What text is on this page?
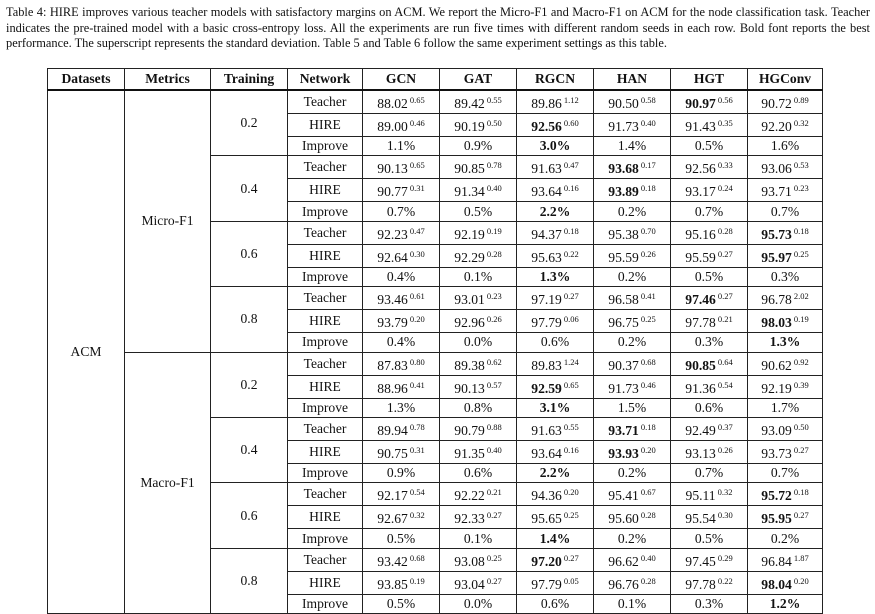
Table 4: HIRE improves various teacher models with satisfactory margins on ACM. We report the Micro-F1 and Macro-F1 on ACM for the node classification task. Teacher indicates the pre-trained model with a basic cross-entropy loss. All the experiments are run five times with different random seeds in each row. Bold font reports the best performance. The superscript represents the standard deviation. Table 5 and Table 6 follow the same experiment settings as this table.
Datasets	Metrics	Training	Network	GCN	GAT	RGCN	HAN	HGT	HGConv
ACM	Micro-F1	0.2	Teacher	88.02 $^{0.65}$	89.42 $^{0.55}$	89.86 $^{1.12}$	90.50 $^{0.58}$	90.97 $^{0.56}$	90.72 $^{0.89}$
			HIRE	89.00 $^{0.46}$	90.19 $^{0.50}$	92.56 $^{0.60}$	91.73 $^{0.40}$	91.43 $^{0.35}$	92.20 $^{0.32}$
			Improve	1.1%	0.9%	3.0%	1.4%	0.5%	1.6%
		0.4	Teacher	90.13 $^{0.65}$	90.85 $^{0.78}$	91.63 $^{0.47}$	93.68 $^{0.17}$	92.56 $^{0.33}$	93.06 $^{0.53}$
			HIRE	90.77 $^{0.31}$	91.34 $^{0.40}$	93.64 $^{0.16}$	93.89 $^{0.18}$	93.17 $^{0.24}$	93.71 $^{0.23}$
			Improve	0.7%	0.5%	2.2%	0.2%	0.7%	0.7%
		0.6	Teacher	92.23 $^{0.47}$	92.19 $^{0.19}$	94.37 $^{0.18}$	95.38 $^{0.70}$	95.16 $^{0.28}$	95.73 $^{0.18}$
			HIRE	92.64 $^{0.30}$	92.29 $^{0.28}$	95.63 $^{0.22}$	95.59 $^{0.26}$	95.59 $^{0.27}$	95.97 $^{0.25}$
			Improve	0.4%	0.1%	1.3%	0.2%	0.5%	0.3%
		0.8	Teacher	93.46 $^{0.61}$	93.01 $^{0.23}$	97.19 $^{0.27}$	96.58 $^{0.41}$	97.46 $^{0.27}$	96.78 $^{2.02}$
			HIRE	93.79 $^{0.20}$	92.96 $^{0.26}$	97.79 $^{0.06}$	96.75 $^{0.25}$	97.78 $^{0.21}$	98.03 $^{0.19}$
			Improve	0.4%	0.0%	0.6%	0.2%	0.3%	1.3%
	Macro-F1	0.2	Teacher	87.83 $^{0.80}$	89.38 $^{0.62}$	89.83 $^{1.24}$	90.37 $^{0.68}$	90.85 $^{0.64}$	90.62 $^{0.92}$
			HIRE	88.96 $^{0.41}$	90.13 $^{0.57}$	92.59 $^{0.65}$	91.73 $^{0.46}$	91.36 $^{0.54}$	92.19 $^{0.39}$
			Improve	1.3%	0.8%	3.1%	1.5%	0.6%	1.7%
		0.4	Teacher	89.94 $^{0.78}$	90.79 $^{0.88}$	91.63 $^{0.55}$	93.71 $^{0.18}$	92.49 $^{0.37}$	93.09 $^{0.50}$
			HIRE	90.75 $^{0.31}$	91.35 $^{0.40}$	93.64 $^{0.16}$	93.93 $^{0.20}$	93.13 $^{0.26}$	93.73 $^{0.27}$
			Improve	0.9%	0.6%	2.2%	0.2%	0.7%	0.7%
		0.6	Teacher	92.17 $^{0.54}$	92.22 $^{0.21}$	94.36 $^{0.20}$	95.41 $^{0.67}$	95.11 $^{0.32}$	95.72 $^{0.18}$
			HIRE	92.67 $^{0.32}$	92.33 $^{0.27}$	95.65 $^{0.25}$	95.60 $^{0.28}$	95.54 $^{0.30}$	95.95 $^{0.27}$
			Improve	0.5%	0.1%	1.4%	0.2%	0.5%	0.2%
		0.8	Teacher	93.42 $^{0.68}$	93.08 $^{0.25}$	97.20 $^{0.27}$	96.62 $^{0.40}$	97.45 $^{0.29}$	96.84 $^{1.87}$
			HIRE	93.85 $^{0.19}$	93.04 $^{0.27}$	97.79 $^{0.05}$	96.76 $^{0.28}$	97.78 $^{0.22}$	98.04 $^{0.20}$
			Improve	0.5%	0.0%	0.6%	0.1%	0.3%	1.2%
